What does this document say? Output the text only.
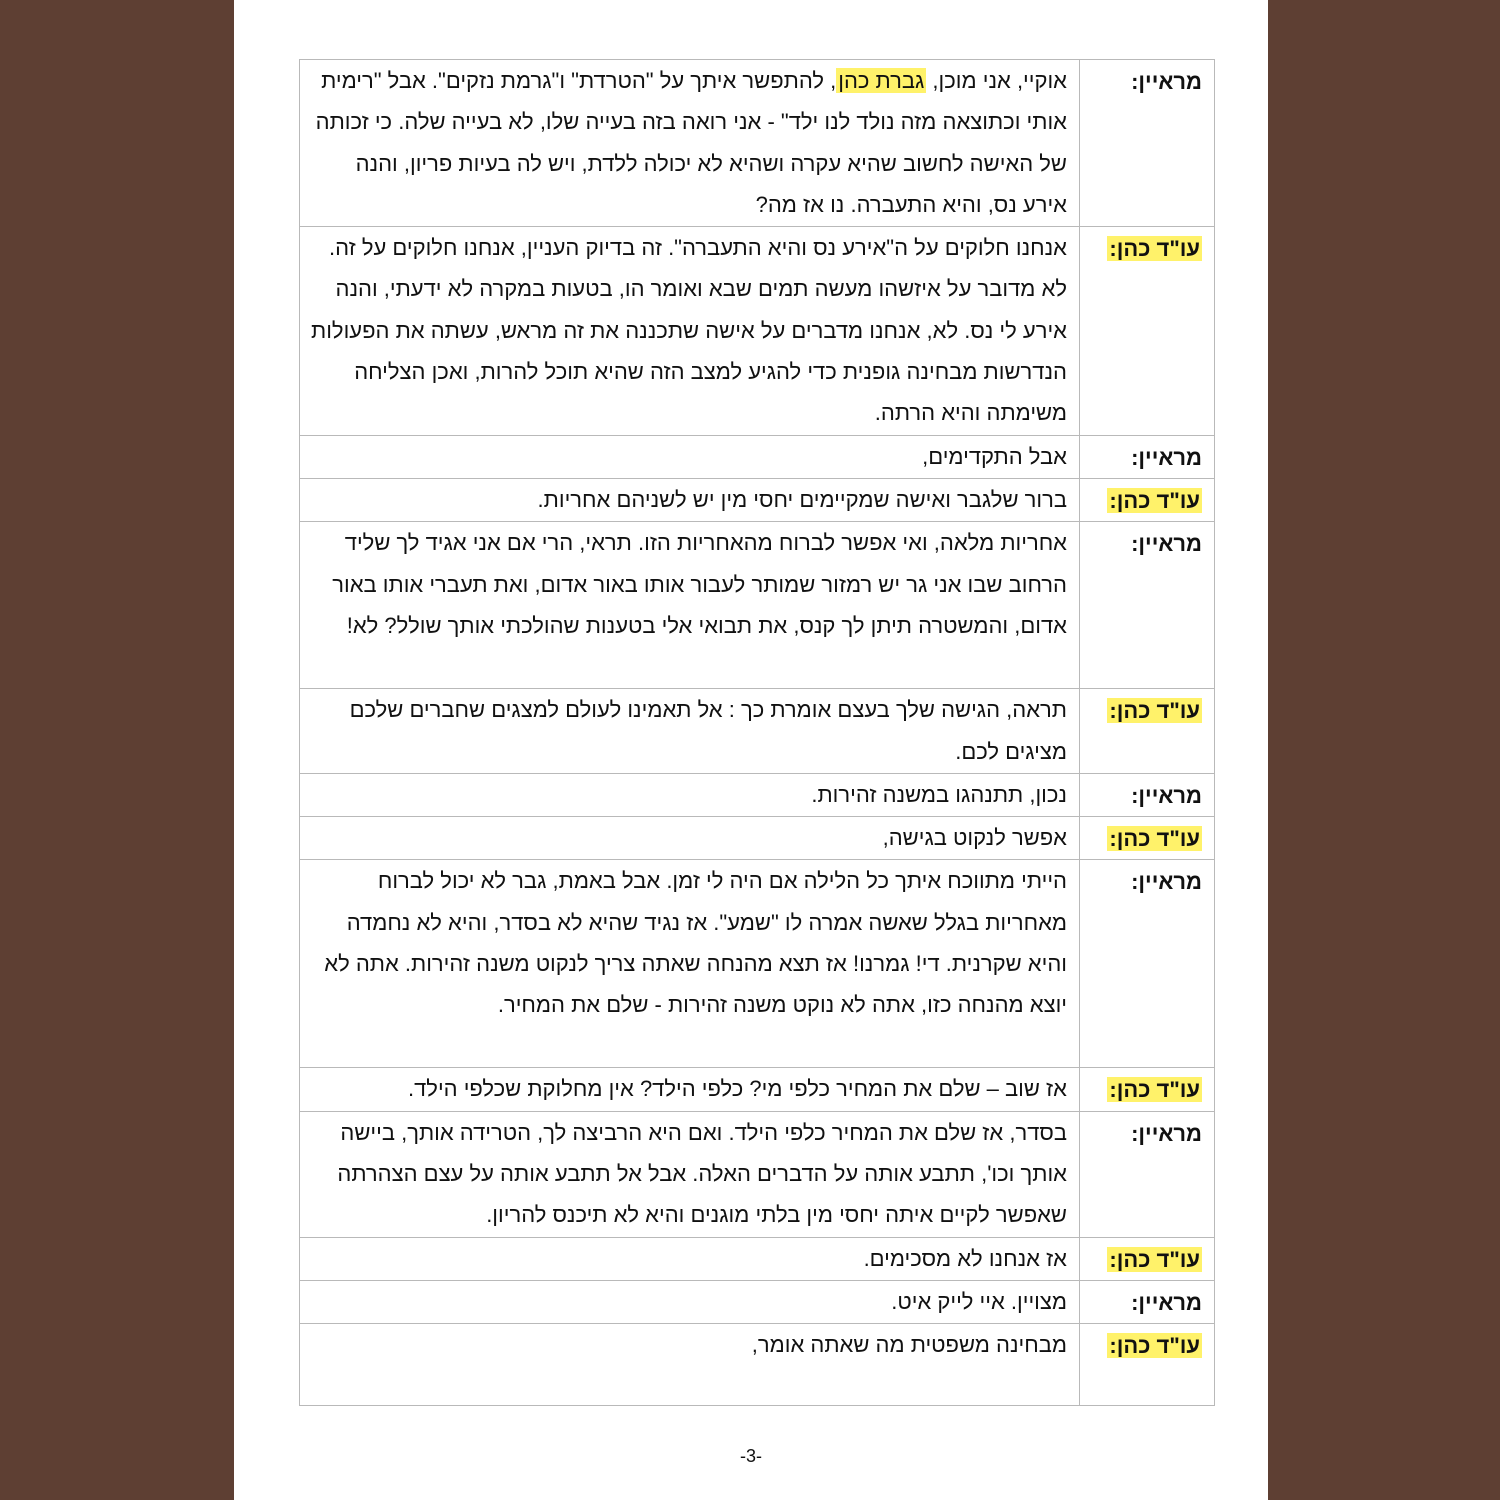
מראיין:	אוקיי, אני מוכן, גברת כהן, להתפשר איתך על "הטרדת" ו"גרמת נזקים". אבל "רימית אותי וכתוצאה מזה נולד לנו ילד" - אני רואה בזה בעייה שלו, לא בעייה שלה. כי זכותה של האישה לחשוב שהיא עקרה ושהיא לא יכולה ללדת, ויש לה בעיות פריון, והנה אירע נס, והיא התעברה. נו אז מה?
עו"ד כהן:	אנחנו חלוקים על ה"אירע נס והיא התעברה". זה בדיוק העניין, אנחנו חלוקים על זה. לא מדובר על איזשהו מעשה תמים שבא ואומר הו, בטעות במקרה לא ידעתי, והנה אירע לי נס. לא, אנחנו מדברים על אישה שתכננה את זה מראש, עשתה את הפעולות הנדרשות מבחינה גופנית כדי להגיע למצב הזה שהיא תוכל להרות, ואכן הצליחה משימתה והיא הרתה.
מראיין:	אבל התקדימים,
עו"ד כהן:	ברור שלגבר ואישה שמקיימים יחסי מין יש לשניהם אחריות.
מראיין:	אחריות מלאה, ואי אפשר לברוח מהאחריות הזו. תראי, הרי אם אני אגיד לך שליד הרחוב שבו אני גר יש רמזור שמותר לעבור אותו באור אדום, ואת תעברי אותו באור אדום, והמשטרה תיתן לך קנס, את תבואי אלי בטענות שהולכתי אותך שולל? לא!
עו"ד כהן:	תראה, הגישה שלך בעצם אומרת כך : אל תאמינו לעולם למצגים שחברים שלכם מציגים לכם.
מראיין:	נכון, תתנהגו במשנה זהירות.
עו"ד כהן:	אפשר לנקוט בגישה,
מראיין:	הייתי מתווכח איתך כל הלילה אם היה לי זמן. אבל באמת, גבר לא יכול לברוח מאחריות בגלל שאשה אמרה לו "שמע". אז נגיד שהיא לא בסדר, והיא לא נחמדה והיא שקרנית. די! גמרנו! אז תצא מהנחה שאתה צריך לנקוט משנה זהירות. אתה לא יוצא מהנחה כזו, אתה לא נוקט משנה זהירות - שלם את המחיר.
עו"ד כהן:	אז שוב – שלם את המחיר כלפי מי? כלפי הילד? אין מחלוקת שכלפי הילד.
מראיין:	בסדר, אז שלם את המחיר כלפי הילד. ואם היא הרביצה לך, הטרידה אותך, ביישה אותך וכו', תתבע אותה על הדברים האלה. אבל אל תתבע אותה על עצם הצהרתה שאפשר לקיים איתה יחסי מין בלתי מוגנים והיא לא תיכנס להריון.
עו"ד כהן:	אז אנחנו לא מסכימים.
מראיין:	מצויין. איי לייק איט.
עו"ד כהן:	מבחינה משפטית מה שאתה אומר,
-3-
